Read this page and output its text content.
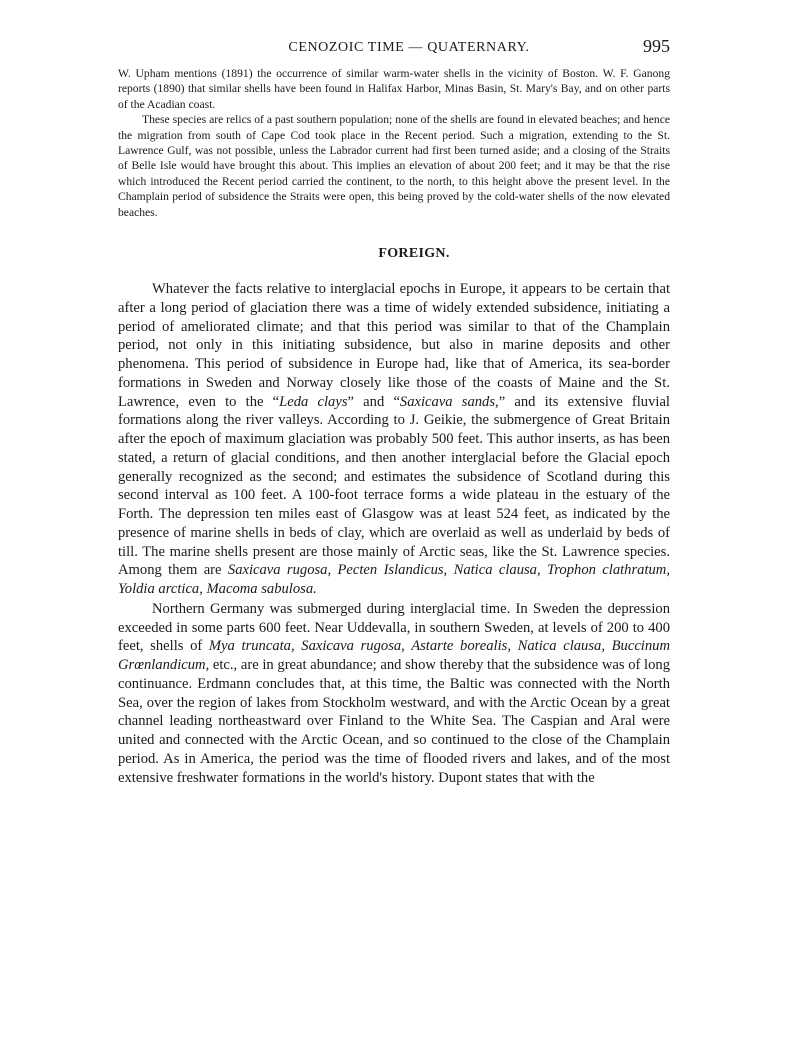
CENOZOIC TIME — QUATERNARY.	995

W. Upham mentions (1891) the occurrence of similar warm-water shells in the vicinity of Boston. W. F. Ganong reports (1890) that similar shells have been found in Halifax Harbor, Minas Basin, St. Mary's Bay, and on other parts of the Acadian coast.

These species are relics of a past southern population; none of the shells are found in elevated beaches; and hence the migration from south of Cape Cod took place in the Recent period. Such a migration, extending to the St. Lawrence Gulf, was not possible, unless the Labrador current had first been turned aside; and a closing of the Straits of Belle Isle would have brought this about. This implies an elevation of about 200 feet; and it may be that the rise which introduced the Recent period carried the continent, to the north, to this height above the present level. In the Champlain period of subsidence the Straits were open, this being proved by the cold-water shells of the now elevated beaches.

FOREIGN.

Whatever the facts relative to interglacial epochs in Europe, it appears to be certain that after a long period of glaciation there was a time of widely extended subsidence, initiating a period of ameliorated climate; and that this period was similar to that of the Champlain period, not only in this initiating subsidence, but also in marine deposits and other phenomena. This period of subsidence in Europe had, like that of America, its sea-border formations in Sweden and Norway closely like those of the coasts of Maine and the St. Lawrence, even to the “Leda clays” and “Saxicava sands,” and its extensive fluvial formations along the river valleys. According to J. Geikie, the submergence of Great Britain after the epoch of maximum glaciation was probably 500 feet. This author inserts, as has been stated, a return of glacial conditions, and then another interglacial before the Glacial epoch generally recognized as the second; and estimates the subsidence of Scotland during this second interval as 100 feet. A 100-foot terrace forms a wide plateau in the estuary of the Forth. The depression ten miles east of Glasgow was at least 524 feet, as indicated by the presence of marine shells in beds of clay, which are overlaid as well as underlaid by beds of till. The marine shells present are those mainly of Arctic seas, like the St. Lawrence species. Among them are Saxicava rugosa, Pecten Islandicus, Natica clausa, Trophon clathratum, Yoldia arctica, Macoma sabulosa.

Northern Germany was submerged during interglacial time. In Sweden the depression exceeded in some parts 600 feet. Near Uddevalla, in southern Sweden, at levels of 200 to 400 feet, shells of Mya truncata, Saxicava rugosa, Astarte borealis, Natica clausa, Buccinum Grœnlandicum, etc., are in great abundance; and show thereby that the subsidence was of long continuance. Erdmann concludes that, at this time, the Baltic was connected with the North Sea, over the region of lakes from Stockholm westward, and with the Arctic Ocean by a great channel leading northeastward over Finland to the White Sea. The Caspian and Aral were united and connected with the Arctic Ocean, and so continued to the close of the Champlain period. As in America, the period was the time of flooded rivers and lakes, and of the most extensive freshwater formations in the world's history. Dupont states that with the
